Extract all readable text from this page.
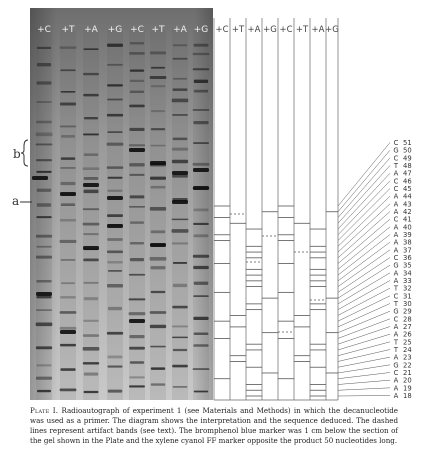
+C +T +A +G +C +T +A +G
b
a
+C +T +A +G +C +T +A +G
C 51
G 50
C 49
T 48
A 47
C 46
C 45
A 44
A 43
A 42
C 41
A 40
A 39
A 38
A 37
C 36
G 35
A 34
A 33
T 32
C 31
T 30
G 29
C 28
A 27
A 26
T 25
T 24
A 23
G 22
C 21
A 20
A 19
A 18
Plate I. Radioautograph of experiment 1 (see Materials and Methods) in which the decanucleotide was used as a primer. The diagram shows the interpretation and the sequence deduced. The dashed lines represent artifact bands (see text). The bromphenol blue marker was 1 cm below the section of the gel shown in the Plate and the xylene cyanol FF marker opposite the product 50 nucleotides long.
